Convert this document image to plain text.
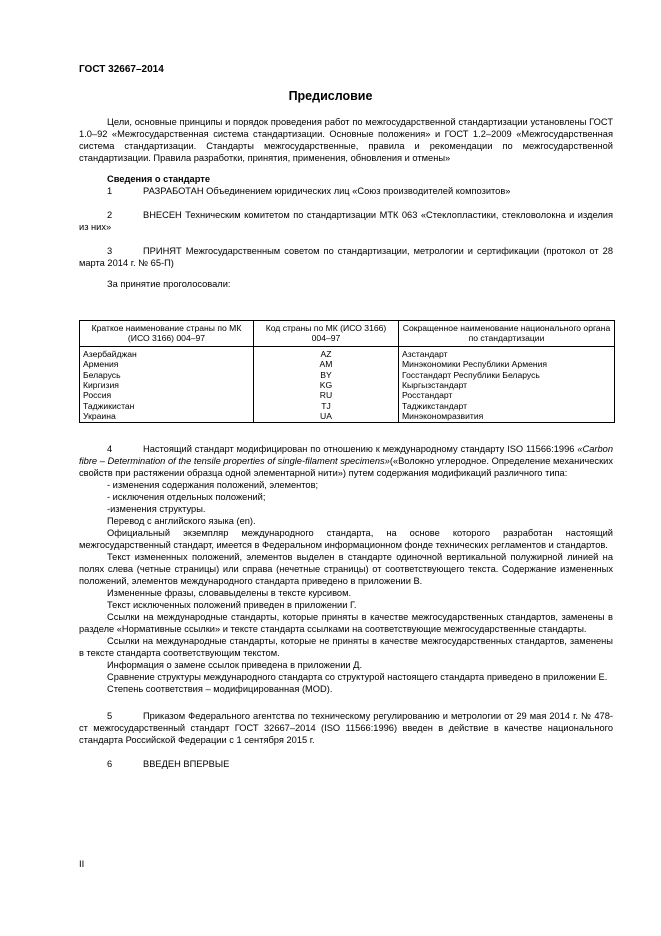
ГОСТ 32667–2014
Предисловие

Цели, основные принципы и порядок проведения работ по межгосударственной стандартизации установлены ГОСТ 1.0–92 «Межгосударственная система стандартизации. Основные положения» и ГОСТ 1.2–2009 «Межгосударственная система стандартизации. Стандарты межгосударственные, правила и рекомендации по межгосударственной стандартизации. Правила разработки, принятия, применения, обновления и отмены»

Сведения о стандарте

1	РАЗРАБОТАН Объединением юридических лиц «Союз производителей композитов»

2	ВНЕСЕН Техническим комитетом по стандартизации МТК 063 «Стеклопластики, стекловолокна и изделия из них»

3	ПРИНЯТ Межгосударственным советом по стандартизации, метрологии и сертификации (протокол от 28 марта 2014 г. № 65-П)

За принятие проголосовали:

Краткое наименование страны по МК (ИСО 3166) 004–97	Код страны по МК (ИСО 3166) 004–97	Сокращенное наименование национального органа по стандартизации
Азербайджан	AZ	Азстандарт
Армения	AM	Минэкономики Республики Армения
Беларусь	BY	Госстандарт Республики Беларусь
Киргизия	KG	Кыргызстандарт
Россия	RU	Росстандарт
Таджикистан	TJ	Таджикстандарт
Украина	UA	Минэкономразвития

4	Настоящий стандарт модифицирован по отношению к международному стандарту ISO 11566:1996 «Carbon fibre – Determination of the tensile properties of single-filament specimens»(«Волокно углеродное. Определение механических свойств при растяжении образца одной элементарной нити») путем содержания модификаций различного типа:

- изменения содержания положений, элементов;

- исключения отдельных положений;

-изменения структуры.

Перевод с английского языка (en).

Официальный экземпляр международного стандарта, на основе которого разработан настоящий межгосударственный стандарт, имеется в Федеральном информационном фонде технических регламентов и стандартов.

Текст измененных положений, элементов выделен в стандарте одиночной вертикальной полужирной линией на полях слева (четные страницы) или справа (нечетные страницы) от соответствующего текста. Содержание измененных положений, элементов международного стандарта приведено в приложении В.

Измененные фразы, словавыделены в тексте курсивом.

Текст исключенных положений приведен в приложении Г.

Ссылки на международные стандарты, которые приняты в качестве межгосударственных стандартов, заменены в разделе «Нормативные ссылки» и тексте стандарта ссылками на соответствующие межгосударственные стандарты.

Ссылки на международные стандарты, которые не приняты в качестве межгосударственных стандартов, заменены в тексте стандарта соответствующим текстом.

Информация о замене ссылок приведена в приложении Д.

Сравнение структуры международного стандарта со структурой настоящего стандарта приведено в приложении Е.

Степень соответствия – модифицированная (MOD).

5	Приказом Федерального агентства по техническому регулированию и метрологии от 29 мая 2014 г. № 478-ст межгосударственный стандарт ГОСТ 32667–2014 (ISO 11566:1996) введен в действие в качестве национального стандарта Российской Федерации с 1 сентября 2015 г.

6	ВВЕДЕН ВПЕРВЫЕ

II
